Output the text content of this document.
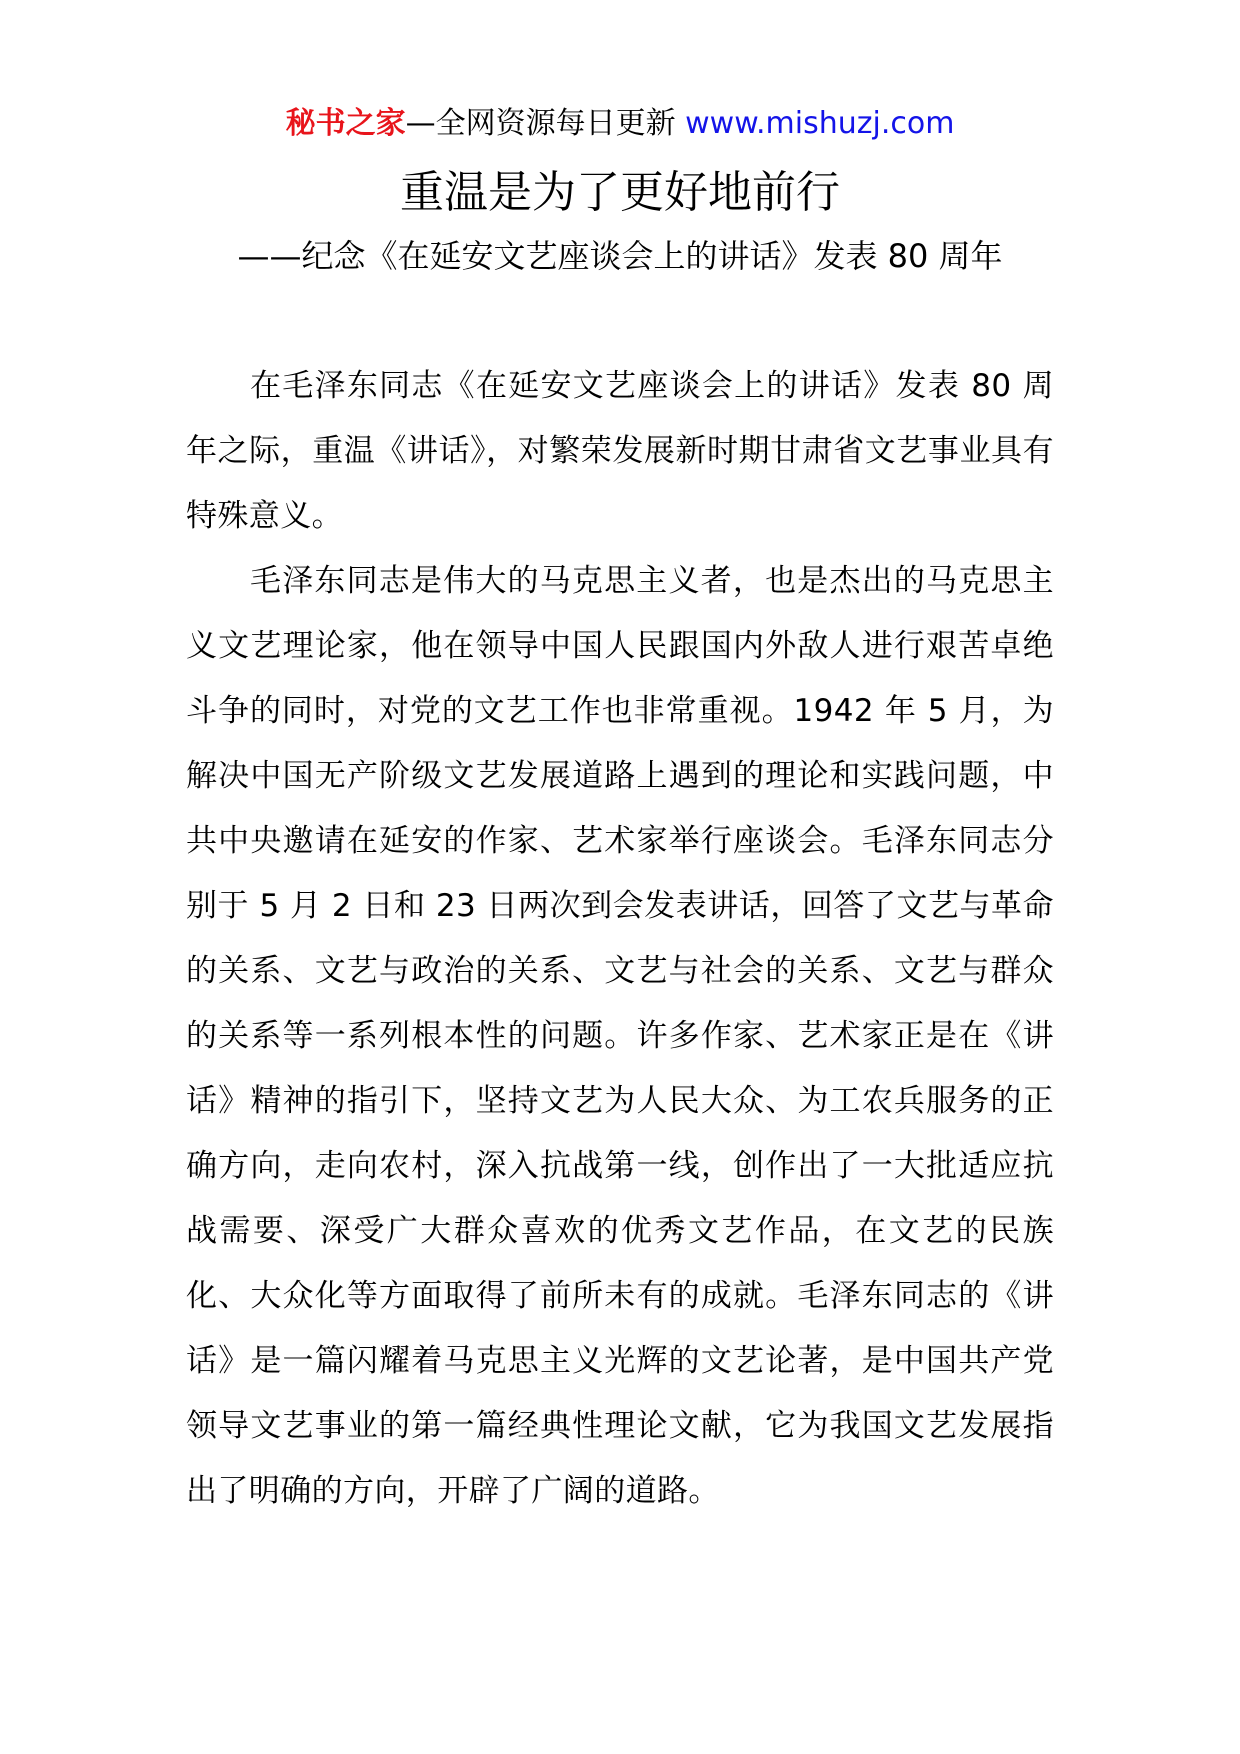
秘书之家—全网资源每日更新 www.mishuzj.com
重温是为了更好地前行
——纪念《在延安文艺座谈会上的讲话》发表 80 周年

在毛泽东同志《在延安文艺座谈会上的讲话》发表 80 周年之际，重温《讲话》，对繁荣发展新时期甘肃省文艺事业具有特殊意义。

毛泽东同志是伟大的马克思主义者，也是杰出的马克思主义文艺理论家，他在领导中国人民跟国内外敌人进行艰苦卓绝斗争的同时，对党的文艺工作也非常重视。1942 年 5 月，为解决中国无产阶级文艺发展道路上遇到的理论和实践问题，中共中央邀请在延安的作家、艺术家举行座谈会。毛泽东同志分别于 5 月 2 日和 23 日两次到会发表讲话，回答了文艺与革命的关系、文艺与政治的关系、文艺与社会的关系、文艺与群众的关系等一系列根本性的问题。许多作家、艺术家正是在《讲话》精神的指引下，坚持文艺为人民大众、为工农兵服务的正确方向，走向农村，深入抗战第一线，创作出了一大批适应抗战需要、深受广大群众喜欢的优秀文艺作品，在文艺的民族化、大众化等方面取得了前所未有的成就。毛泽东同志的《讲话》是一篇闪耀着马克思主义光辉的文艺论著，是中国共产党领导文艺事业的第一篇经典性理论文献，它为我国文艺发展指出了明确的方向，开辟了广阔的道路。
